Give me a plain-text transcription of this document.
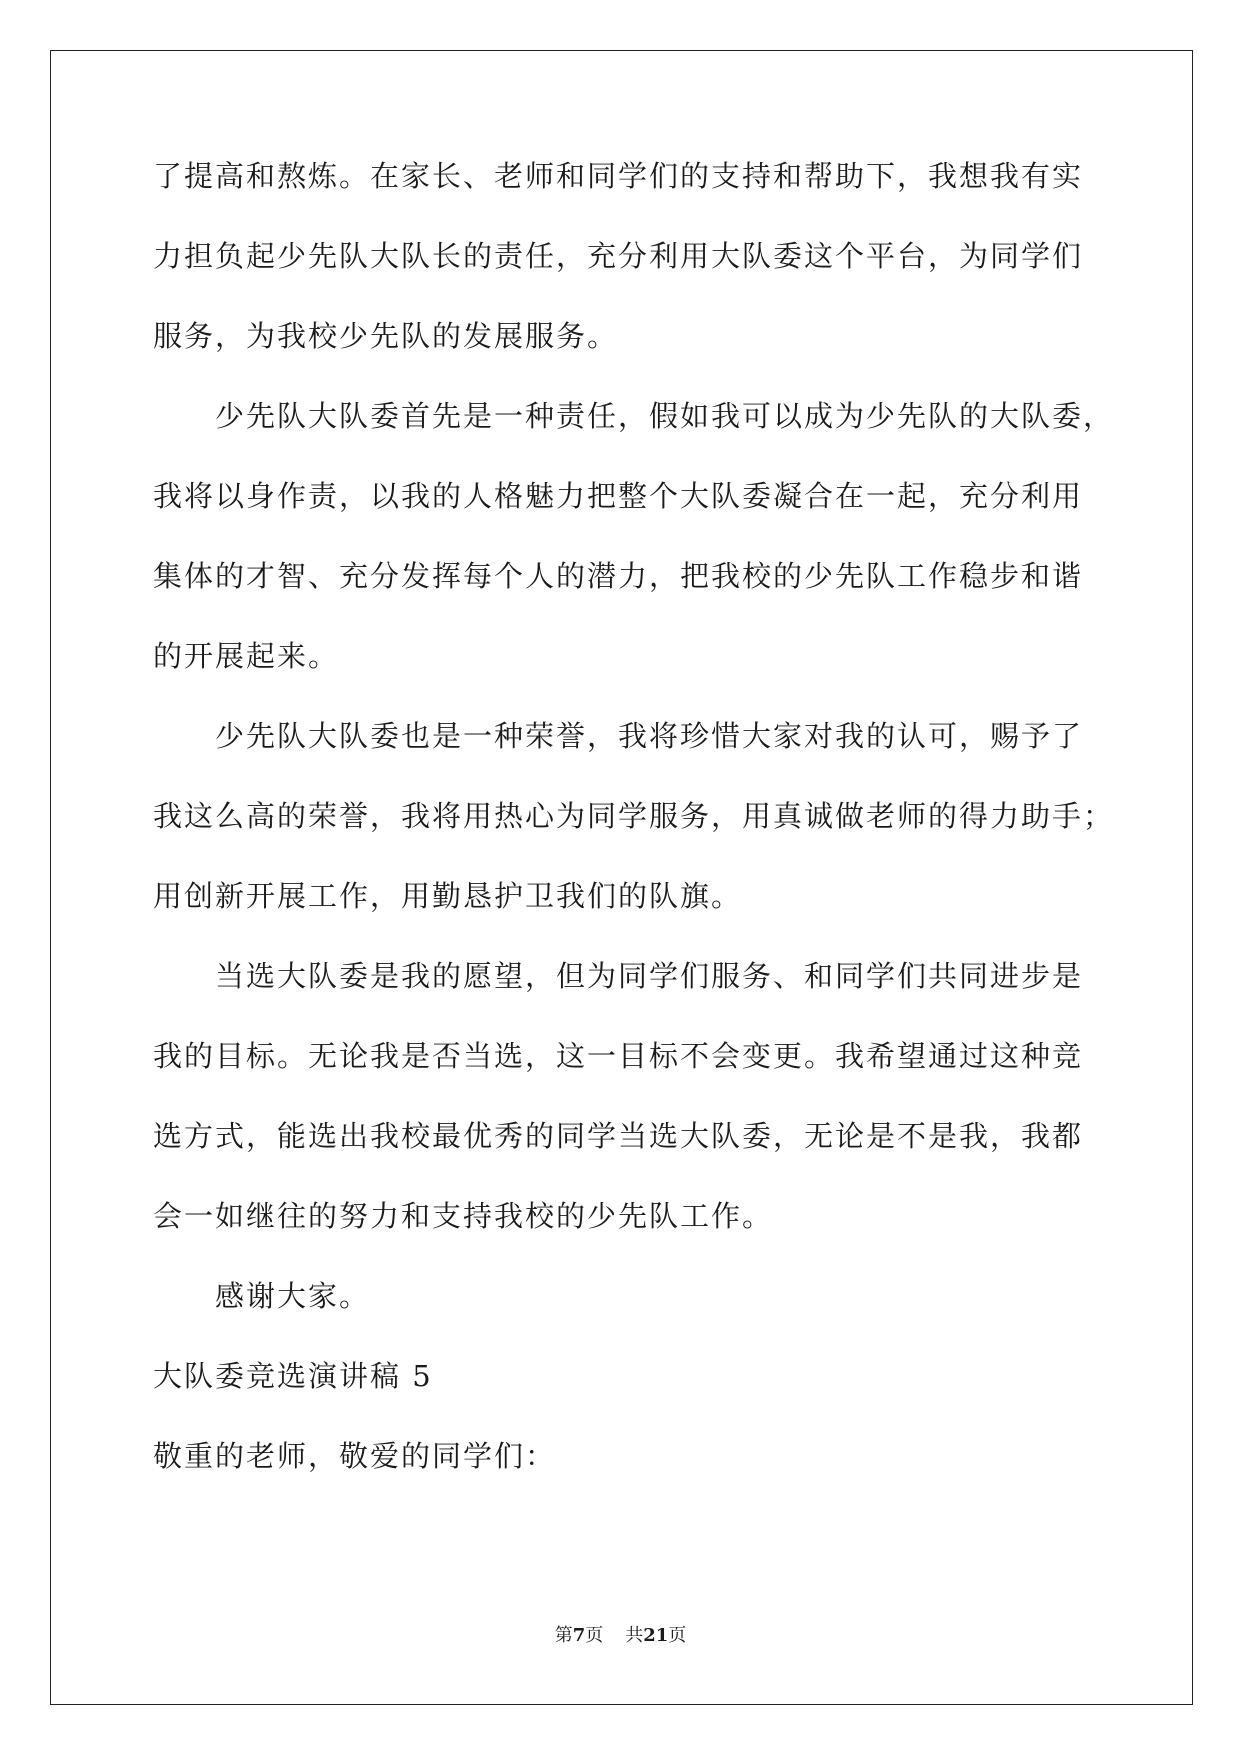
了提高和熬炼。在家长、老师和同学们的支持和帮助下，我想我有实
力担负起少先队大队长的责任，充分利用大队委这个平台，为同学们
服务，为我校少先队的发展服务。
少先队大队委首先是一种责任，假如我可以成为少先队的大队委，
我将以身作责，以我的人格魅力把整个大队委凝合在一起，充分利用
集体的才智、充分发挥每个人的潜力，把我校的少先队工作稳步和谐
的开展起来。
少先队大队委也是一种荣誉，我将珍惜大家对我的认可，赐予了
我这么高的荣誉，我将用热心为同学服务，用真诚做老师的得力助手；
用创新开展工作，用勤恳护卫我们的队旗。
当选大队委是我的愿望，但为同学们服务、和同学们共同进步是
我的目标。无论我是否当选，这一目标不会变更。我希望通过这种竞
选方式，能选出我校最优秀的同学当选大队委，无论是不是我，我都
会一如继往的努力和支持我校的少先队工作。
感谢大家。
大队委竞选演讲稿 5
敬重的老师，敬爱的同学们：
第7页 共21页
